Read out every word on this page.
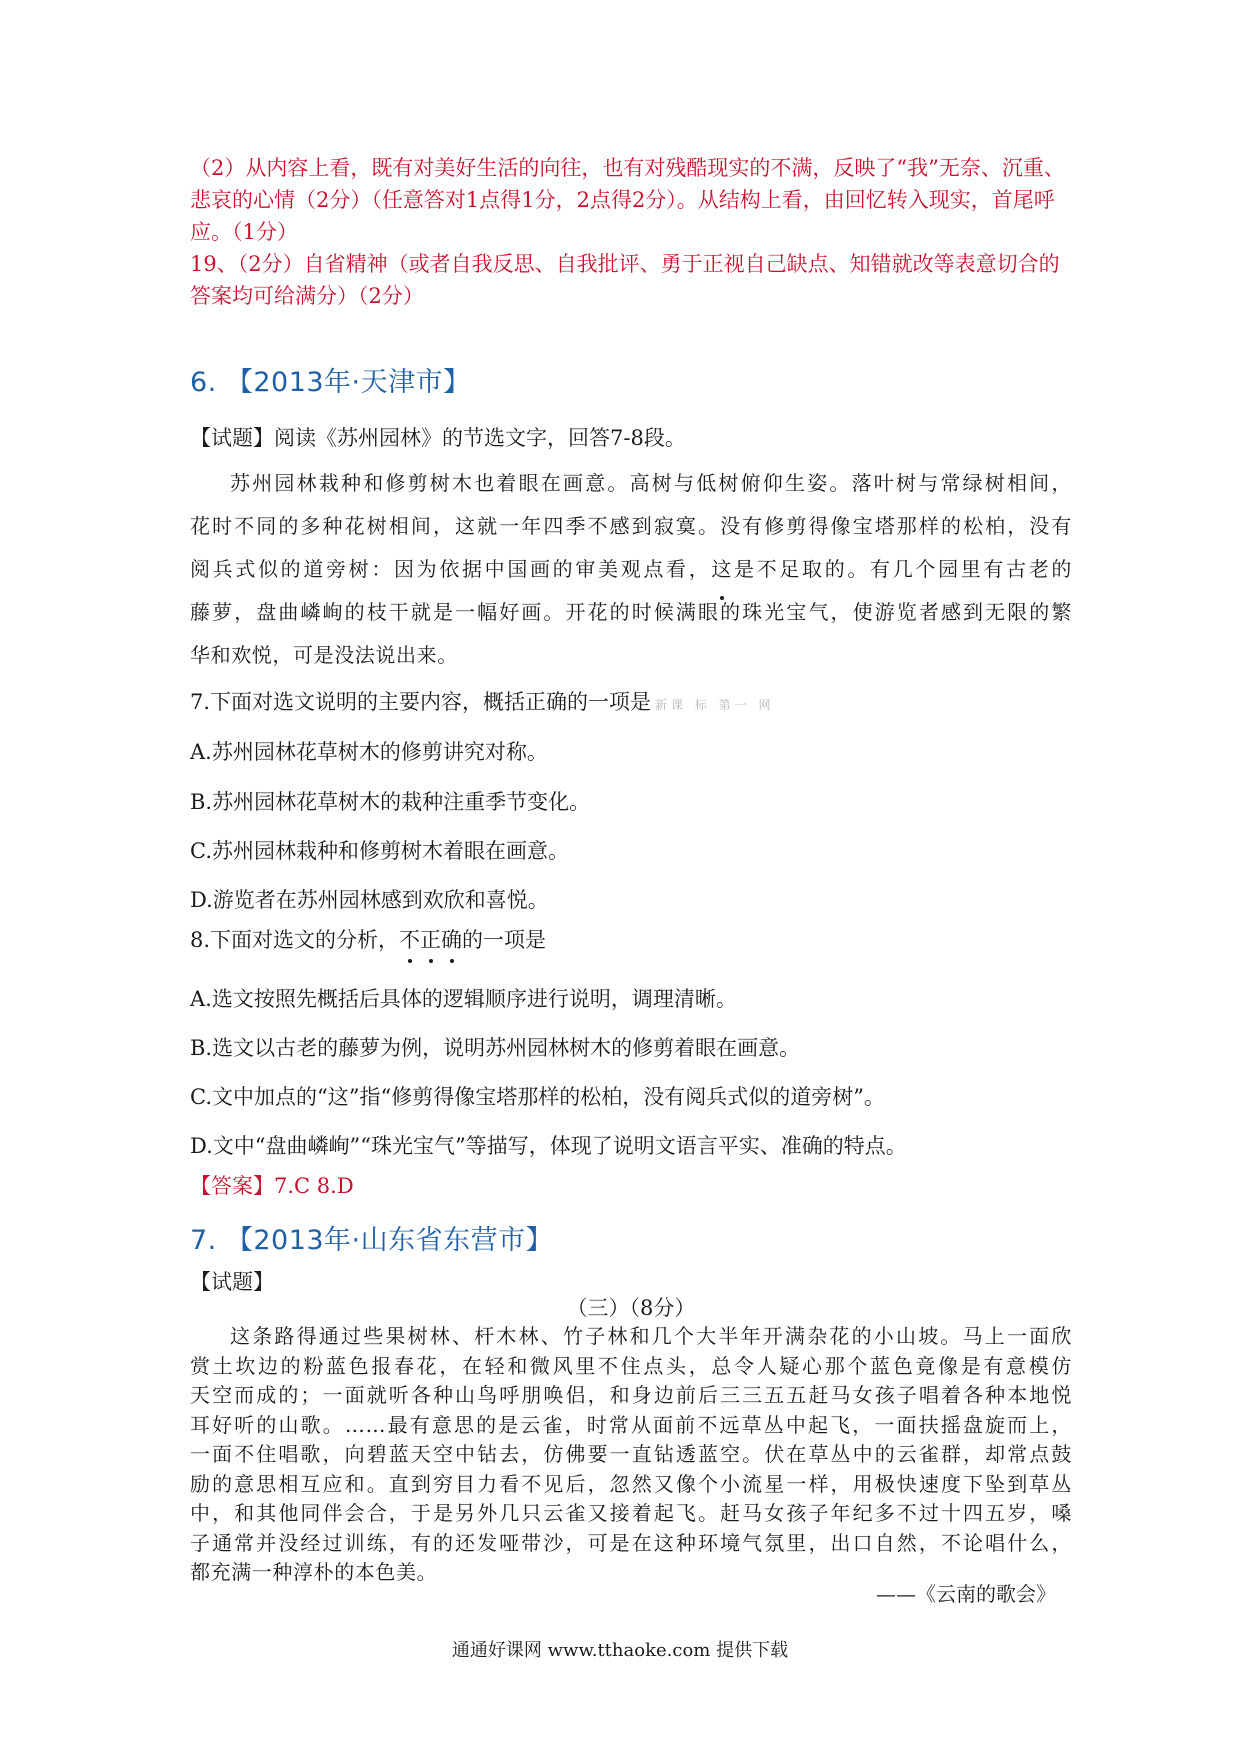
（2）从内容上看，既有对美好生活的向往，也有对残酷现实的不满，反映了“我”无奈、沉重、悲哀的心情（2分）（任意答对1点得1分，2点得2分）。从结构上看，由回忆转入现实，首尾呼应。（1分）
19、（2分）自省精神（或者自我反思、自我批评、勇于正视自己缺点、知错就改等表意切合的答案均可给满分）（2分）
6. 【2013年·天津市】
【试题】阅读《苏州园林》的节选文字，回答7-8段。

苏州园林栽种和修剪树木也着眼在画意。高树与低树俯仰生姿。落叶树与常绿树相间，

花时不同的多种花树相间，这就一年四季不感到寂寞。没有修剪得像宝塔那样的松柏，没有

阅兵式似的道旁树：因为依据中国画的审美观点看，这是不足取的。有几个园里有古老的

藤萝，盘曲嶙峋的枝干就是一幅好画。开花的时候满眼的珠光宝气，使游览者感到无限的繁

华和欢悦，可是没法说出来。

7.下面对选文说明的主要内容，概括正确的一项是 新课 标 第一 网
A.苏州园林花草树木的修剪讲究对称。
B.苏州园林花草树木的栽种注重季节变化。
C.苏州园林栽种和修剪树木着眼在画意。
D.游览者在苏州园林感到欢欣和喜悦。
8.下面对选文的分析，不正确的一项是
A.选文按照先概括后具体的逻辑顺序进行说明，调理清晰。
B.选文以古老的藤萝为例，说明苏州园林树木的修剪着眼在画意。
C.文中加点的“这”指“修剪得像宝塔那样的松柏，没有阅兵式似的道旁树”。
D.文中“盘曲嶙峋”“珠光宝气”等描写，体现了说明文语言平实、准确的特点。
【答案】7.C 8.D
7. 【2013年·山东省东营市】
【试题】
（三）（8分）

这条路得通过些果树林、杆木林、竹子林和几个大半年开满杂花的小山坡。马上一面欣

赏土坎边的粉蓝色报春花，在轻和微风里不住点头，总令人疑心那个蓝色竟像是有意模仿

天空而成的；一面就听各种山鸟呼朋唤侣，和身边前后三三五五赶马女孩子唱着各种本地悦

耳好听的山歌。……最有意思的是云雀，时常从面前不远草丛中起飞，一面扶摇盘旋而上，

一面不住唱歌，向碧蓝天空中钻去，仿佛要一直钻透蓝空。伏在草丛中的云雀群，却常点鼓

励的意思相互应和。直到穷目力看不见后，忽然又像个小流星一样，用极快速度下坠到草丛

中，和其他同伴会合，于是另外几只云雀又接着起飞。赶马女孩子年纪多不过十四五岁，嗓

子通常并没经过训练，有的还发哑带沙，可是在这种环境气氛里，出口自然，不论唱什么，

都充满一种淳朴的本色美。

——《云南的歌会》
通通好课网 www.tthaoke.com 提供下载
